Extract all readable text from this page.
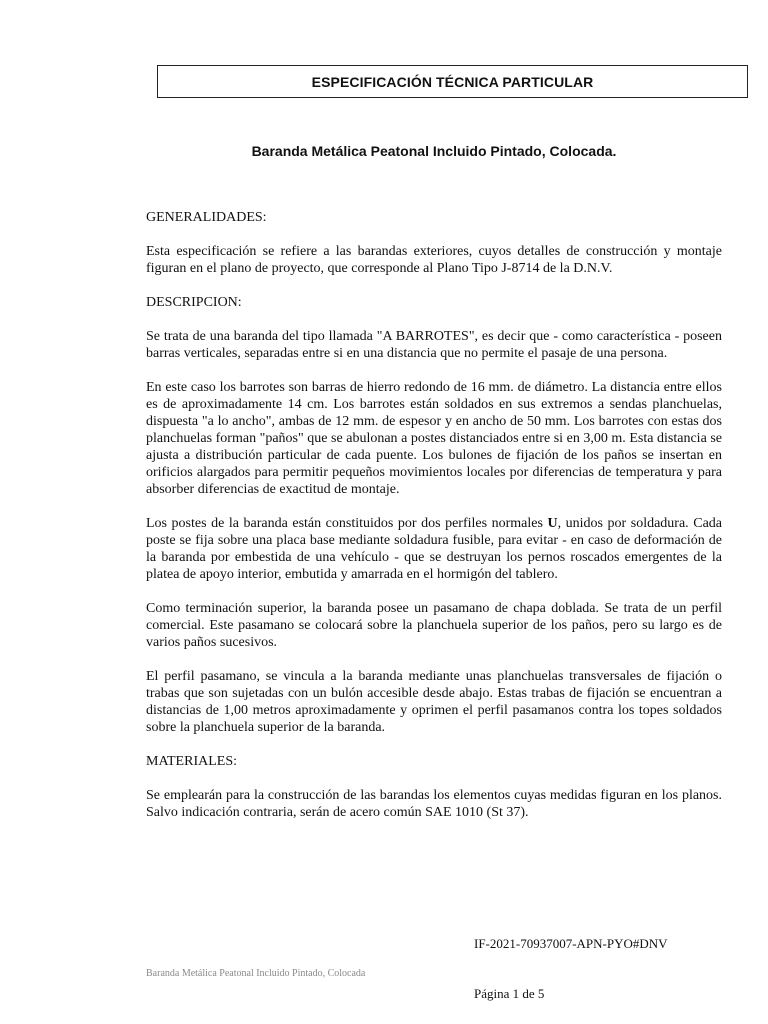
ESPECIFICACIÓN TÉCNICA PARTICULAR
Baranda Metálica Peatonal Incluido Pintado, Colocada.

GENERALIDADES:

Esta especificación se refiere a las barandas exteriores, cuyos detalles de construcción y montaje figuran en el plano de proyecto, que corresponde al Plano Tipo J-8714 de la D.N.V.

DESCRIPCION:

Se trata de una baranda del tipo llamada "A BARROTES", es decir que - como característica - poseen barras verticales, separadas entre si en una distancia que no permite el pasaje de una persona.

En este caso los barrotes son barras de hierro redondo de 16 mm. de diámetro. La distancia entre ellos es de aproximadamente 14 cm. Los barrotes están soldados en sus extremos a sendas planchuelas, dispuesta "a lo ancho", ambas de 12 mm. de espesor y en ancho de 50 mm. Los barrotes con estas dos planchuelas forman "paños" que se abulonan a postes distanciados entre si en 3,00 m. Esta distancia se ajusta a distribución particular de cada puente. Los bulones de fijación de los paños se insertan en orificios alargados para permitir pequeños movimientos locales por diferencias de temperatura y para absorber diferencias de exactitud de montaje.

Los postes de la baranda están constituidos por dos perfiles normales U, unidos por soldadura. Cada poste se fija sobre una placa base mediante soldadura fusible, para evitar - en caso de deformación de la baranda por embestida de una vehículo - que se destruyan los pernos roscados emergentes de la platea de apoyo interior, embutida y amarrada en el hormigón del tablero.

Como terminación superior, la baranda posee un pasamano de chapa doblada. Se trata de un perfil comercial. Este pasamano se colocará sobre la planchuela superior de los paños, pero su largo es de varios paños sucesivos.

El perfil pasamano, se vincula a la baranda mediante unas planchuelas transversales de fijación o trabas que son sujetadas con un bulón accesible desde abajo. Estas trabas de fijación se encuentran a distancias de 1,00 metros aproximadamente y oprimen el perfil pasamanos contra los topes soldados sobre la planchuela superior de la baranda.

MATERIALES:

Se emplearán para la construcción de las barandas los elementos cuyas medidas figuran en los planos. Salvo indicación contraria, serán de acero común SAE 1010 (St 37).

IF-2021-70937007-APN-PYO#DNV
Baranda Metálica Peatonal Incluido Pintado, Colocada
Página 1 de 5
